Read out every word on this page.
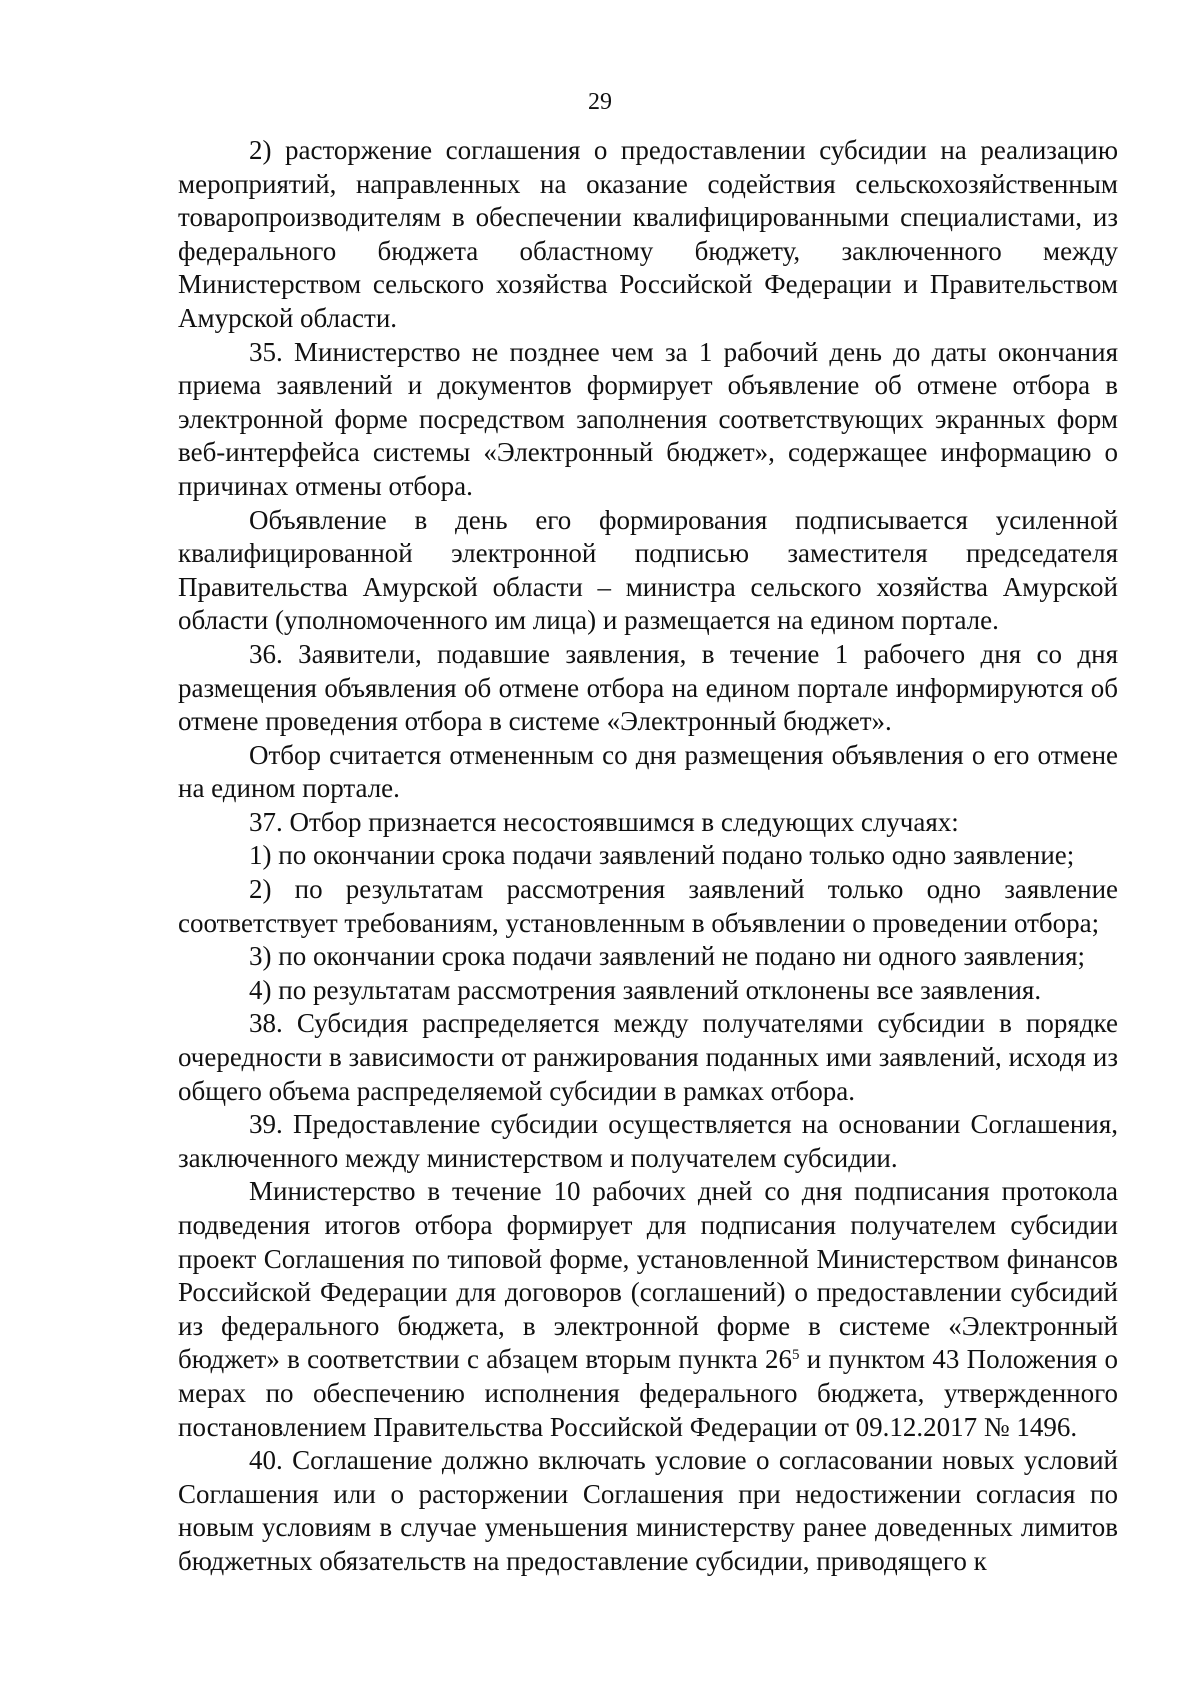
29

2) расторжение соглашения о предоставлении субсидии на реализацию мероприятий, направленных на оказание содействия сельскохозяйственным товаропроизводителям в обеспечении квалифицированными специалистами, из федерального бюджета областному бюджету, заключенного между Министерством сельского хозяйства Российской Федерации и Правительством Амурской области.

35. Министерство не позднее чем за 1 рабочий день до даты окончания приема заявлений и документов формирует объявление об отмене отбора в электронной форме посредством заполнения соответствующих экранных форм веб-интерфейса системы «Электронный бюджет», содержащее информацию о причинах отмены отбора.

Объявление в день его формирования подписывается усиленной квалифицированной электронной подписью заместителя председателя Правительства Амурской области – министра сельского хозяйства Амурской области (уполномоченного им лица) и размещается на едином портале.

36. Заявители, подавшие заявления, в течение 1 рабочего дня со дня размещения объявления об отмене отбора на едином портале информируются об отмене проведения отбора в системе «Электронный бюджет».

Отбор считается отмененным со дня размещения объявления о его отмене на едином портале.

37. Отбор признается несостоявшимся в следующих случаях:

1) по окончании срока подачи заявлений подано только одно заявление;

2) по результатам рассмотрения заявлений только одно заявление соответствует требованиям, установленным в объявлении о проведении отбора;

3) по окончании срока подачи заявлений не подано ни одного заявления;

4) по результатам рассмотрения заявлений отклонены все заявления.

38. Субсидия распределяется между получателями субсидии в порядке очередности в зависимости от ранжирования поданных ими заявлений, исходя из общего объема распределяемой субсидии в рамках отбора.

39. Предоставление субсидии осуществляется на основании Соглашения, заключенного между министерством и получателем субсидии.

Министерство в течение 10 рабочих дней со дня подписания протокола подведения итогов отбора формирует для подписания получателем субсидии проект Соглашения по типовой форме, установленной Министерством финансов Российской Федерации для договоров (соглашений) о предоставлении субсидий из федерального бюджета, в электронной форме в системе «Электронный бюджет» в соответствии с абзацем вторым пункта $26^5$ и пунктом 43 Положения о мерах по обеспечению исполнения федерального бюджета, утвержденного постановлением Правительства Российской Федерации от 09.12.2017 № 1496.

40. Соглашение должно включать условие о согласовании новых условий Соглашения или о расторжении Соглашения при недостижении согласия по новым условиям в случае уменьшения министерству ранее доведенных лимитов бюджетных обязательств на предоставление субсидии, приводящего к
